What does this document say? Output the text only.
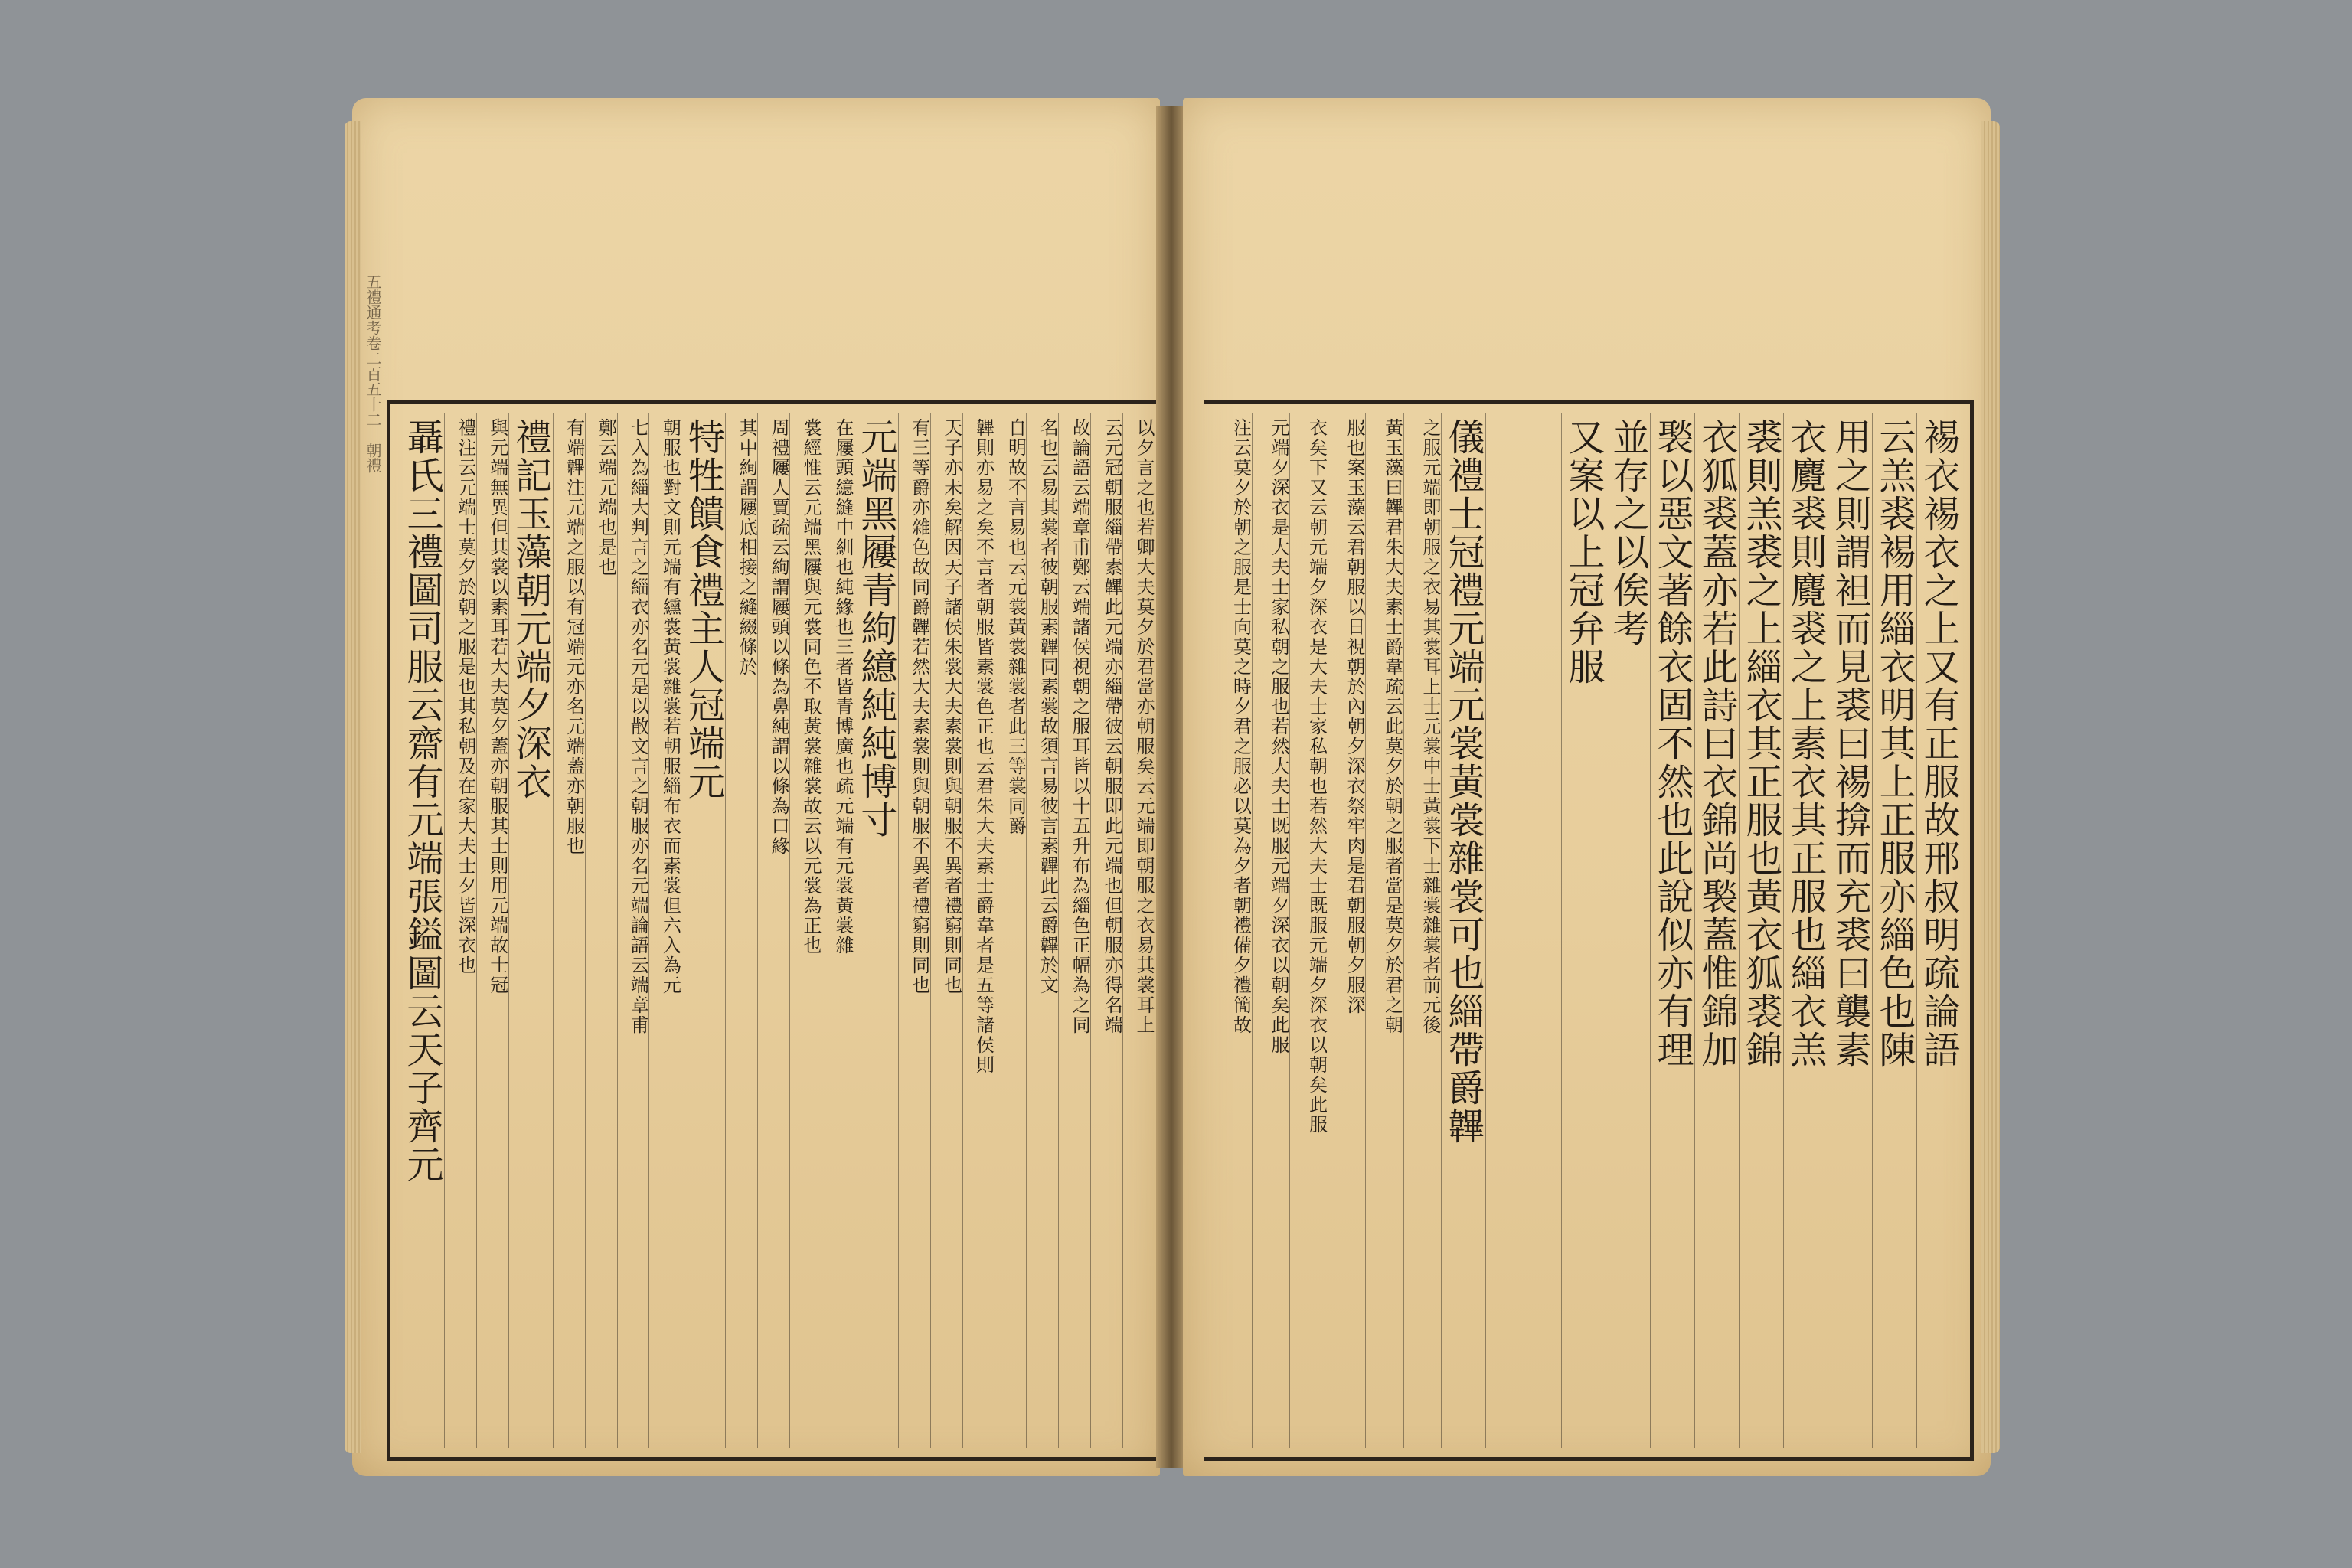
五禮通考卷二百五十二　朝禮
以夕言之也若卿大夫莫夕於君當亦朝服矣云元端即朝服之衣易其裳耳上
云元冠朝服緇帶素韠此元端亦緇帶彼云朝服即此元端也但朝服亦得名端
故論語云端章甫鄭云端諸侯視朝之服耳皆以十五升布為緇色正幅為之同
名也云易其裳者彼朝服素韠同素裳故須言易彼言素韠此云爵韠於文
自明故不言易也云元裳黃裳雜裳者此三等裳同爵
韠則亦易之矣不言者朝服皆素裳色正也云君朱大夫素士爵韋者是五等諸侯則
天子亦未矣解因天子諸侯朱裳大夫素裳則與朝服不異者禮窮則同也
有三等爵亦雜色故同爵韠若然大夫素裳則與朝服不異者禮窮則同也
元端黑屨青絇繶純純博寸
在屨頭繶縫中紃也純緣也三者皆青博廣也疏元端有元裳黃裳雜
裳經惟云元端黑屨與元裳同色不取黃裳雜裳故云以元裳為正也
周禮屨人賈疏云絇謂屨頭以條為鼻純謂以條為口緣
其中絢謂屨底相接之縫綴條於
特牲饋食禮主人冠端元
朝服也對文則元端有纁裳黃裳雜裳若朝服緇布衣而素裳但六入為元
七入為緇大判言之緇衣亦名元是以散文言之朝服亦名元端論語云端章甫
鄭云端元端也是也
有端韠注元端之服以有冠端元亦名元端蓋亦朝服也
禮記玉藻朝元端夕深衣
與元端無異但其裳以素耳若大夫莫夕蓋亦朝服其士則用元端故士冠
禮注云元端士莫夕於朝之服是也其私朝及在家大夫士夕皆深衣也
聶氏三禮圖司服云齋有元端張鎰圖云天子齊元	裼衣裼衣之上又有正服故邢叔明疏論語
云羔裘裼用緇衣明其上正服亦緇色也陳
用之則謂袒而見裘曰裼揜而充裘曰襲素
衣麑裘則麑裘之上素衣其正服也緇衣羔
裘則羔裘之上緇衣其正服也黃衣狐裘錦
衣狐裘蓋亦若此詩曰衣錦尚褧蓋惟錦加
褧以惡文著餘衣固不然也此說似亦有理
並存之以俟考
又案以上冠弁服
儀禮士冠禮元端元裳黃裳雜裳可也緇帶爵韠
之服元端即朝服之衣易其裳耳上士元裳中士黃裳下士雜裳雜裳者前元後
黃玉藻曰韠君朱大夫素士爵韋疏云此莫夕於朝之服者當是莫夕於君之朝
服也案玉藻云君朝服以日視朝於內朝夕深衣祭牢肉是君朝服朝夕服深
衣矣下又云朝元端夕深衣是大夫士家私朝也若然大夫士既服元端夕深衣以朝矣此服
元端夕深衣是大夫士家私朝之服也若然大夫士既服元端夕深衣以朝矣此服
注云莫夕於朝之服是士向莫之時夕君之服必以莫為夕者朝禮備夕禮簡故
